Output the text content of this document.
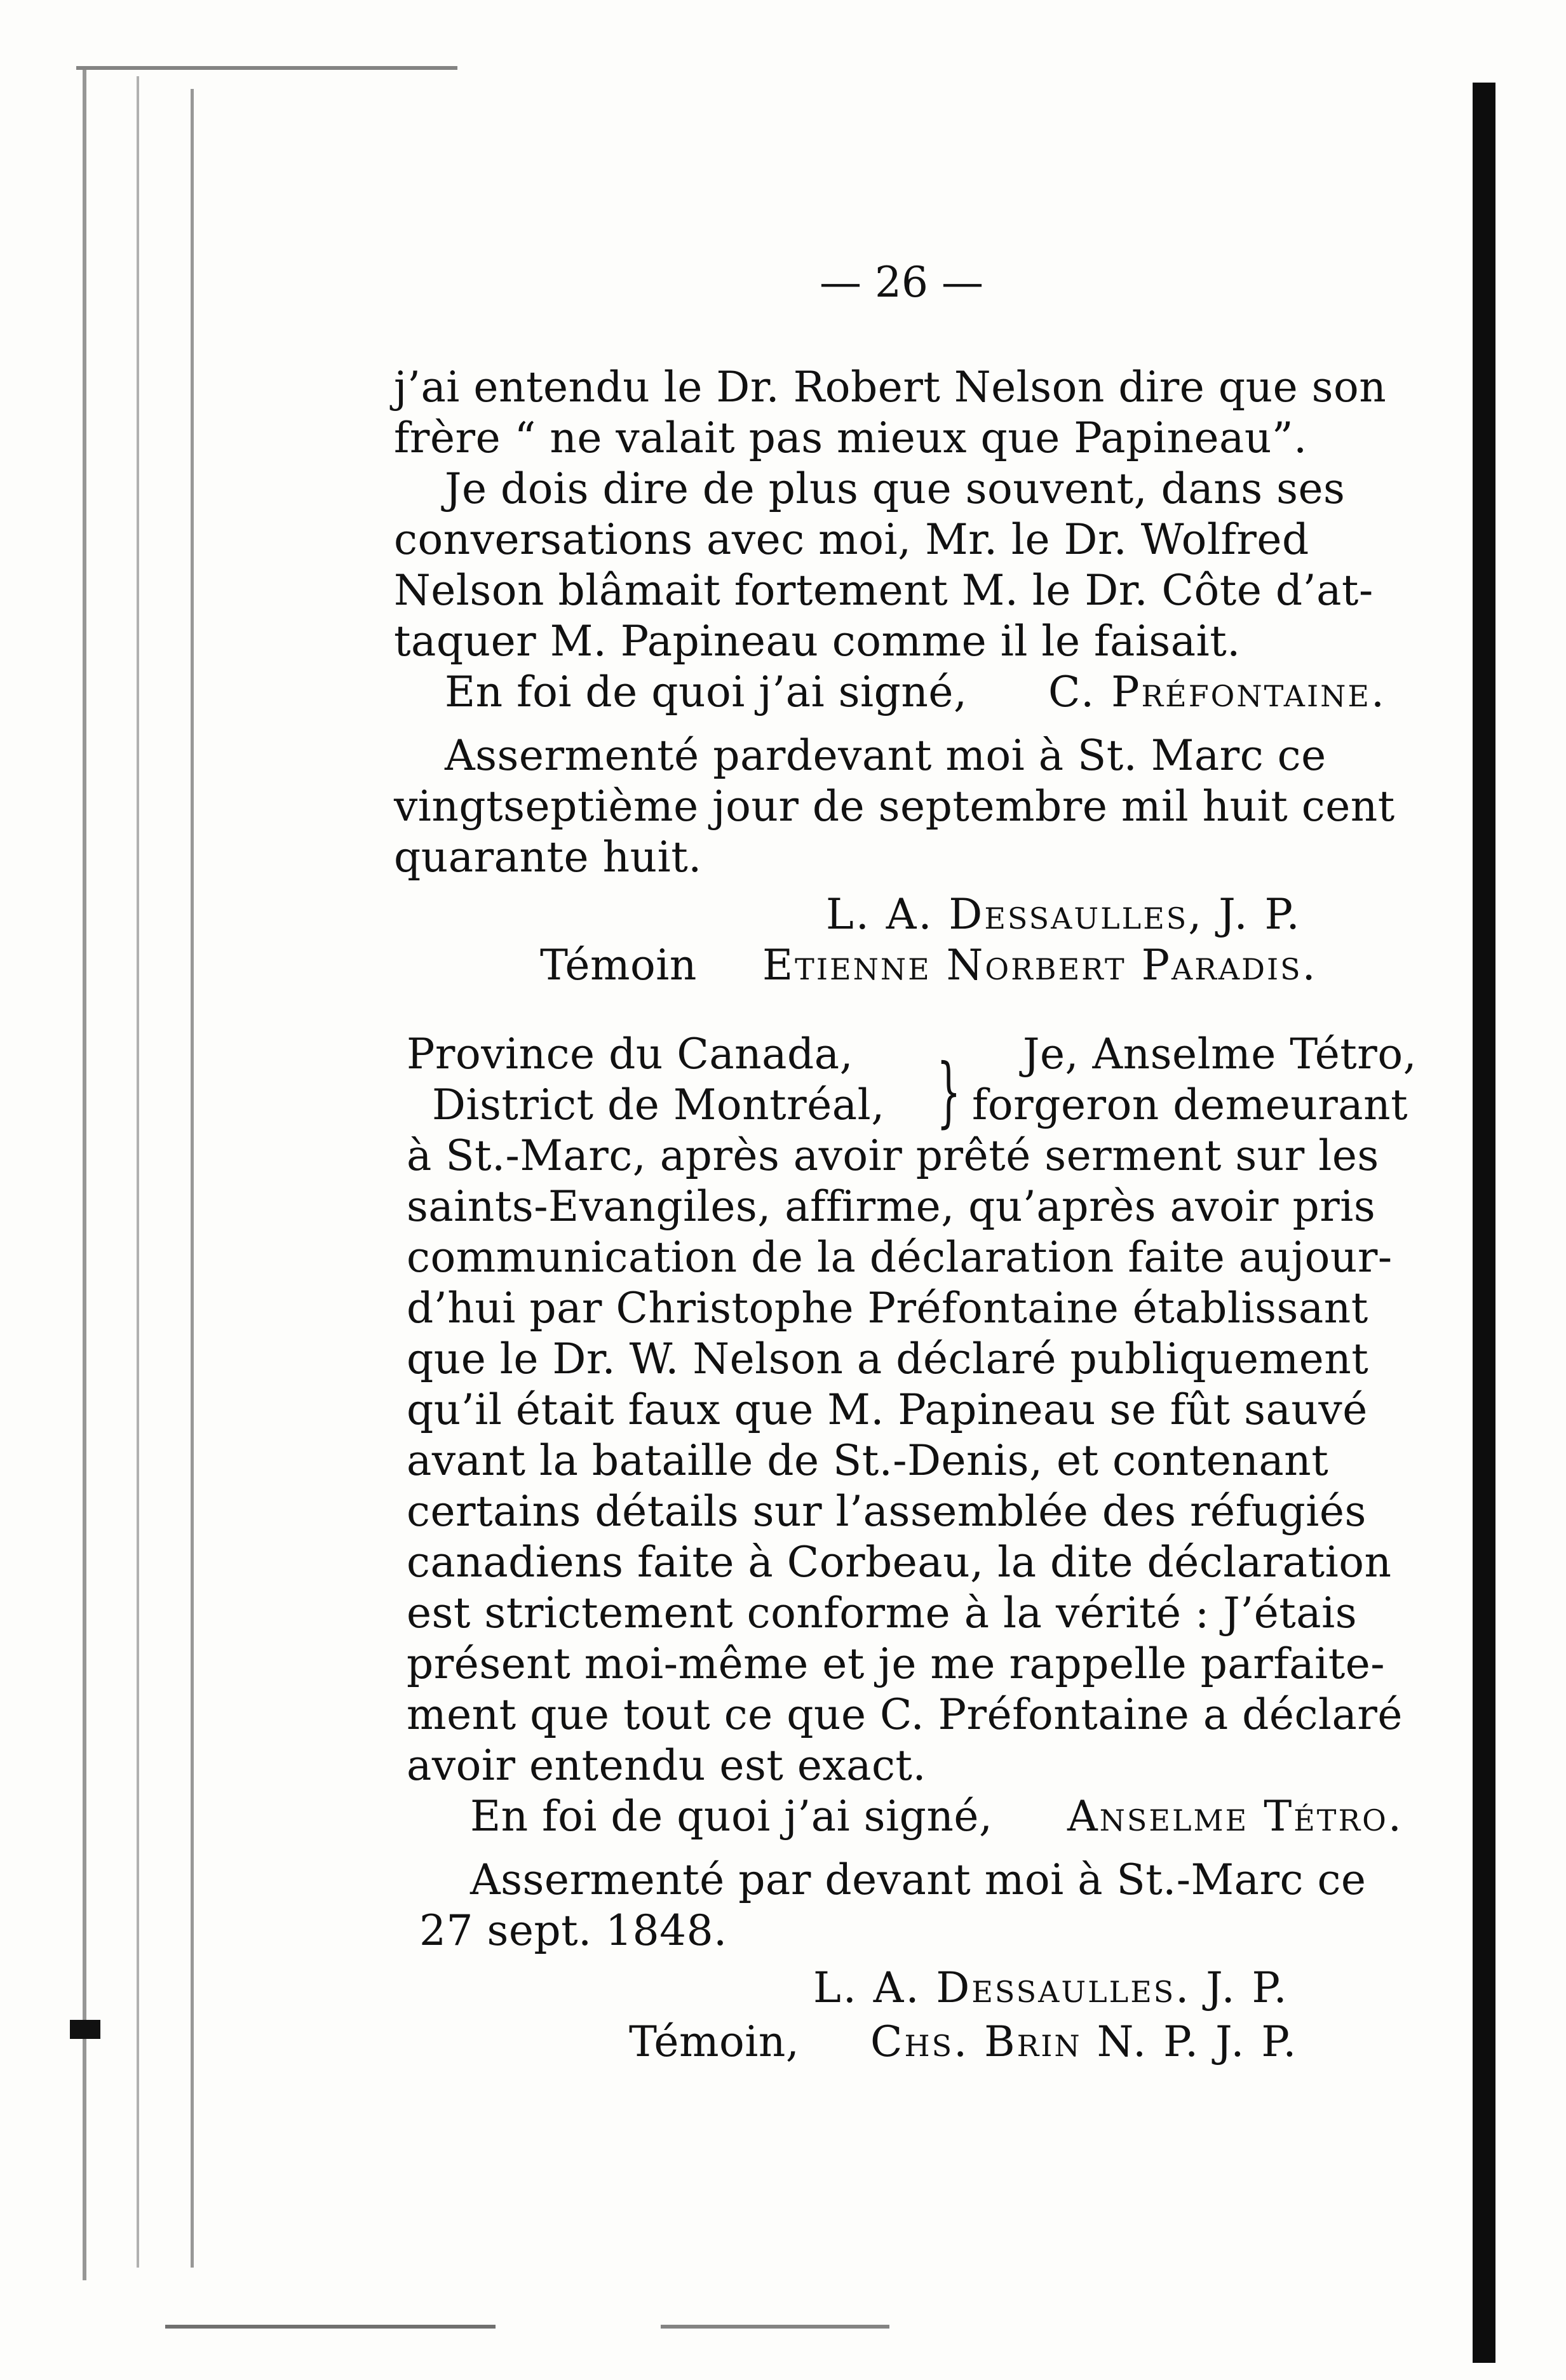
— 26 —
j’ai entendu le Dr. Robert Nelson dire que son
frère “ ne valait pas mieux que Papineau”.
Je dois dire de plus que souvent, dans ses
conversations avec moi, Mr. le Dr. Wolfred
Nelson blâmait fortement M. le Dr. Côte d’at-
taquer M. Papineau comme il le faisait.
En foi de quoi j’ai signé, C. Préfontaine.
Assermenté pardevant moi à St. Marc ce
vingtseptième jour de septembre mil huit cent
quarante huit.
L. A. Dessaulles, J. P.
Témoin Etienne Norbert Paradis.
Province du Canada,
District de Montréal, } Je, Anselme Tétro,
forgeron demeurant
à St.-Marc, après avoir prêté serment sur les
saints-Evangiles, affirme, qu’après avoir pris
communication de la déclaration faite aujour-
d’hui par Christophe Préfontaine établissant
que le Dr. W. Nelson a déclaré publiquement
qu’il était faux que M. Papineau se fût sauvé
avant la bataille de St.-Denis, et contenant
certains détails sur l’assemblée des réfugiés
canadiens faite à Corbeau, la dite déclaration
est strictement conforme à la vérité : J’étais
présent moi-même et je me rappelle parfaite-
ment que tout ce que C. Préfontaine a déclaré
avoir entendu est exact.
En foi de quoi j’ai signé, Anselme Tétro.
Assermenté par devant moi à St.-Marc ce
27 sept. 1848.
L. A. Dessaulles. J. P.
Témoin, Chs. Brin N. P. J. P.
